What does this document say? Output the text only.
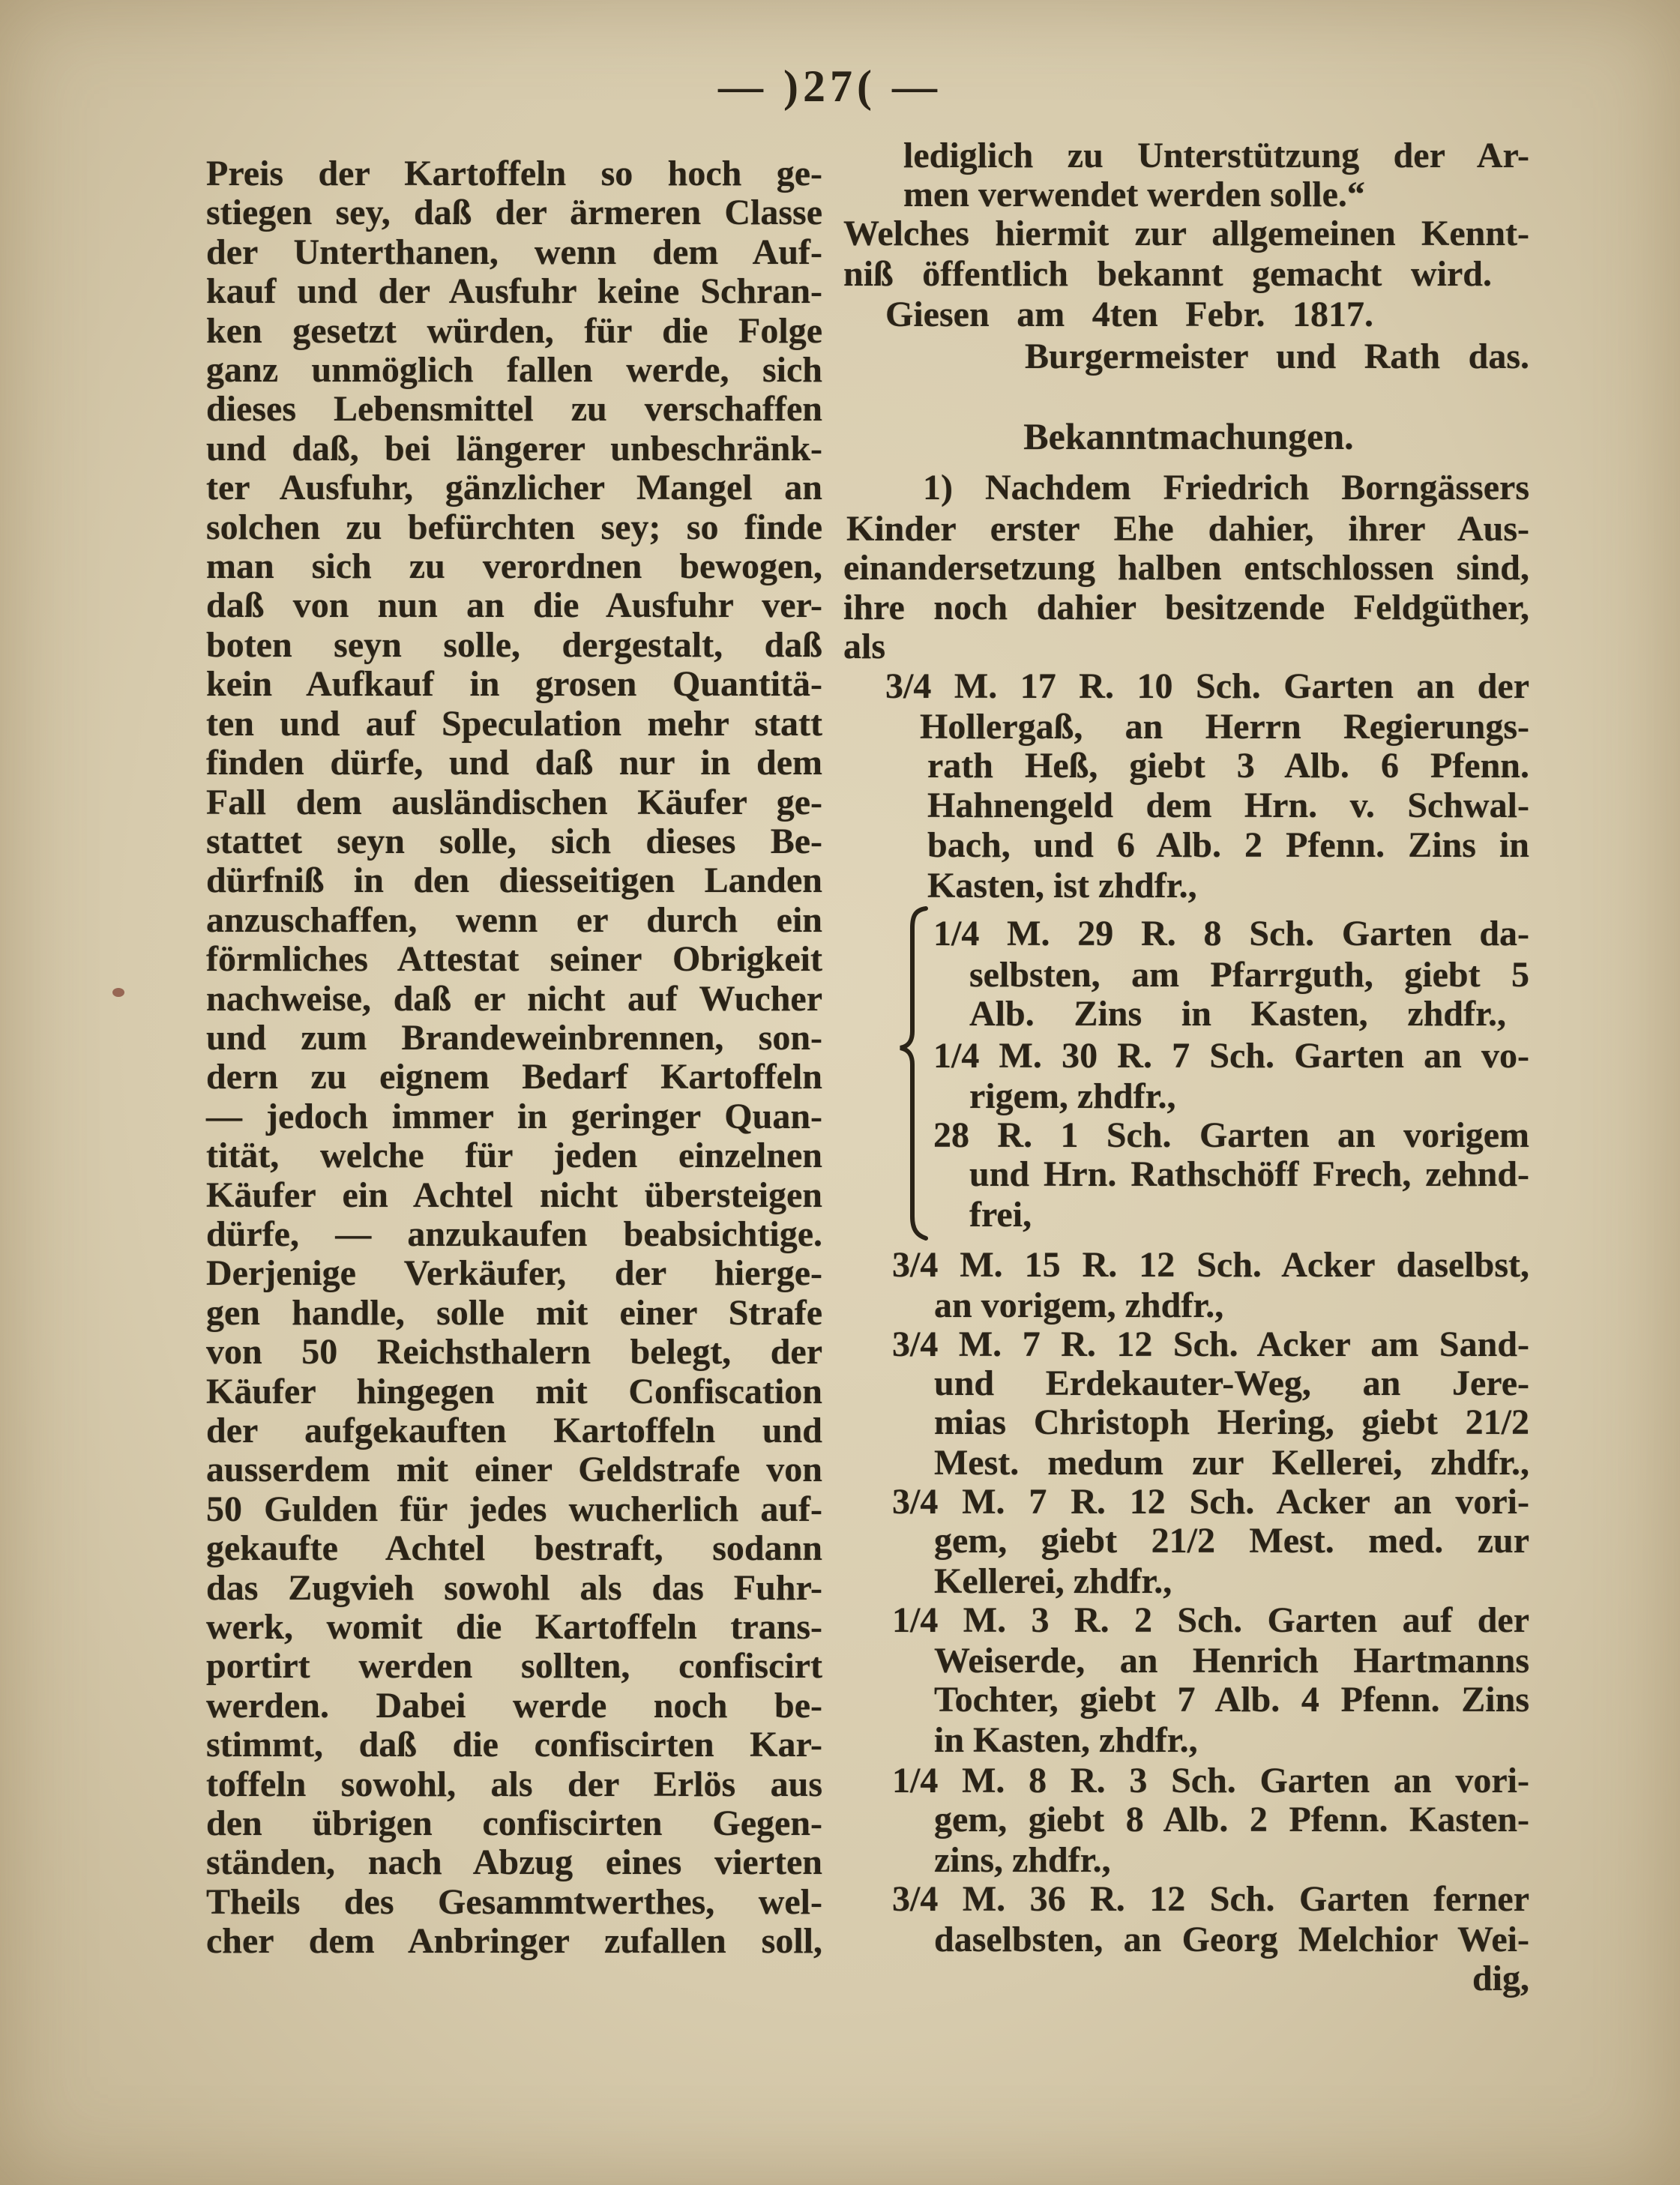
— )27( —
Preis der Kartoffeln so hoch ge-
stiegen sey, daß der ärmeren Classe
der Unterthanen, wenn dem Auf-
kauf und der Ausfuhr keine Schran-
ken gesetzt würden, für die Folge
ganz unmöglich fallen werde, sich
dieses Lebensmittel zu verschaffen
und daß, bei längerer unbeschränk-
ter Ausfuhr, gänzlicher Mangel an
solchen zu befürchten sey; so finde
man sich zu verordnen bewogen,
daß von nun an die Ausfuhr ver-
boten seyn solle, dergestalt, daß
kein Aufkauf in grosen Quantitä-
ten und auf Speculation mehr statt
finden dürfe, und daß nur in dem
Fall dem ausländischen Käufer ge-
stattet seyn solle, sich dieses Be-
dürfniß in den diesseitigen Landen
anzuschaffen, wenn er durch ein
förmliches Attestat seiner Obrigkeit
nachweise, daß er nicht auf Wucher
und zum Brandeweinbrennen, son-
dern zu eignem Bedarf Kartoffeln
— jedoch immer in geringer Quan-
tität, welche für jeden einzelnen
Käufer ein Achtel nicht übersteigen
dürfe, — anzukaufen beabsichtige.
Derjenige Verkäufer, der hierge-
gen handle, solle mit einer Strafe
von 50 Reichsthalern belegt, der
Käufer hingegen mit Confiscation
der aufgekauften Kartoffeln und
ausserdem mit einer Geldstrafe von
50 Gulden für jedes wucherlich auf-
gekaufte Achtel bestraft, sodann
das Zugvieh sowohl als das Fuhr-
werk, womit die Kartoffeln trans-
portirt werden sollten, confiscirt
werden. Dabei werde noch be-
stimmt, daß die confiscirten Kar-
toffeln sowohl, als der Erlös aus
den übrigen confiscirten Gegen-
ständen, nach Abzug eines vierten
Theils des Gesammtwerthes, wel-
cher dem Anbringer zufallen soll,
lediglich zu Unterstützung der Ar-
men verwendet werden solle.“
Welches hiermit zur allgemeinen Kennt-
niß öffentlich bekannt gemacht wird.
Giesen am 4ten Febr. 1817.
Burgermeister und Rath das.
Bekanntmachungen.
1) Nachdem Friedrich Borngässers
Kinder erster Ehe dahier, ihrer Aus-
einandersetzung halben entschlossen sind,
ihre noch dahier besitzende Feldgüther,
als
3/4 M. 17 R. 10 Sch. Garten an der
Hollergaß, an Herrn Regierungs-
rath Heß, giebt 3 Alb. 6 Pfenn.
Hahnengeld dem Hrn. v. Schwal-
bach, und 6 Alb. 2 Pfenn. Zins in
Kasten, ist zhdfr.,
1/4 M. 29 R. 8 Sch. Garten da-
selbsten, am Pfarrguth, giebt 5
Alb. Zins in Kasten, zhdfr.,
1/4 M. 30 R. 7 Sch. Garten an vo-
rigem, zhdfr.,
28 R. 1 Sch. Garten an vorigem
und Hrn. Rathschöff Frech, zehnd-
frei,
3/4 M. 15 R. 12 Sch. Acker daselbst,
an vorigem, zhdfr.,
3/4 M. 7 R. 12 Sch. Acker am Sand-
und Erdekauter-Weg, an Jere-
mias Christoph Hering, giebt 21/2
Mest. medum zur Kellerei, zhdfr.,
3/4 M. 7 R. 12 Sch. Acker an vori-
gem, giebt 21/2 Mest. med. zur
Kellerei, zhdfr.,
1/4 M. 3 R. 2 Sch. Garten auf der
Weiserde, an Henrich Hartmanns
Tochter, giebt 7 Alb. 4 Pfenn. Zins
in Kasten, zhdfr.,
1/4 M. 8 R. 3 Sch. Garten an vori-
gem, giebt 8 Alb. 2 Pfenn. Kasten-
zins, zhdfr.,
3/4 M. 36 R. 12 Sch. Garten ferner
daselbsten, an Georg Melchior Wei-
dig,
